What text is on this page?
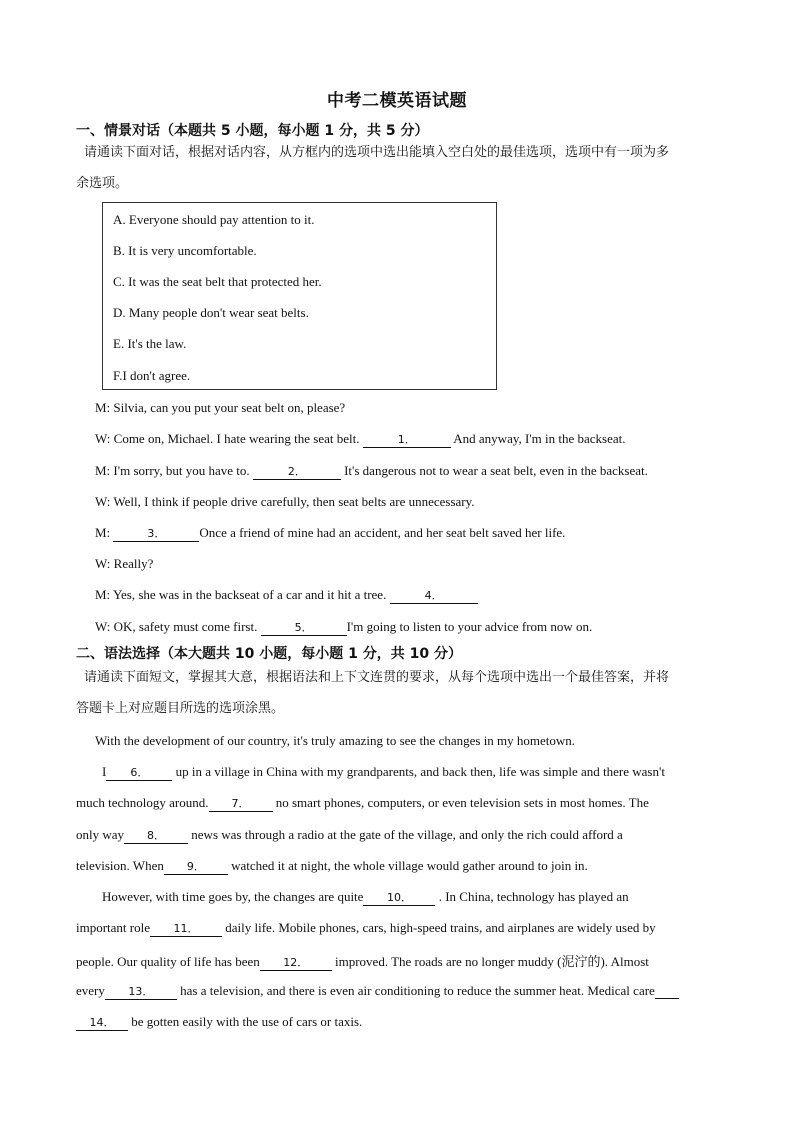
中考二模英语试题
一、情景对话（本题共 5 小题，每小题 1 分，共 5 分）
请通读下面对话，根据对话内容，从方框内的选项中选出能填入空白处的最佳选项，选项中有一项为多
余选项。
A. Everyone should pay attention to it.
B. It is very uncomfortable.
C. It was the seat belt that protected her.
D. Many people don't wear seat belts.
E. It's the law.
F.I don't agree.
M: Silvia, can you put your seat belt on, please?
W: Come on, Michael. I hate wearing the seat belt.	1．	And anyway, I'm in the backseat.
M: I'm sorry, but you have to.	2．	It's dangerous not to wear a seat belt, even in the backseat.
W: Well, I think if people drive carefully, then seat belts are unnecessary.
M:	3．	Once a friend of mine had an accident, and her seat belt saved her life.
W: Really?
M: Yes, she was in the backseat of a car and it hit a tree.	4．
W: OK, safety must come first.	5．	I'm going to listen to your advice from now on.
二、语法选择（本大题共 10 小题，每小题 1 分，共 10 分）
请通读下面短文，掌握其大意，根据语法和上下文连贯的要求，从每个选项中选出一个最佳答案，并将
答题卡上对应题目所选的选项涂黑。
With the development of our country, it's truly amazing to see the changes in my hometown.
I 6． up in a village in China with my grandparents, and back then, life was simple and there wasn't
much technology around. 7． no smart phones, computers, or even television sets in most homes. The
only way 8． news was through a radio at the gate of the village, and only the rich could afford a
television. When 9． watched it at night, the whole village would gather around to join in.
However, with time goes by, the changes are quite 10． . In China, technology has played an
important role 11． daily life. Mobile phones, cars, high-speed trains, and airplanes are widely used by
people. Our quality of life has been 12． improved. The roads are no longer muddy (泥泞的). Almost
every 13． has a television, and there is even air conditioning to reduce the summer heat. Medical care
14． be gotten easily with the use of cars or taxis.
